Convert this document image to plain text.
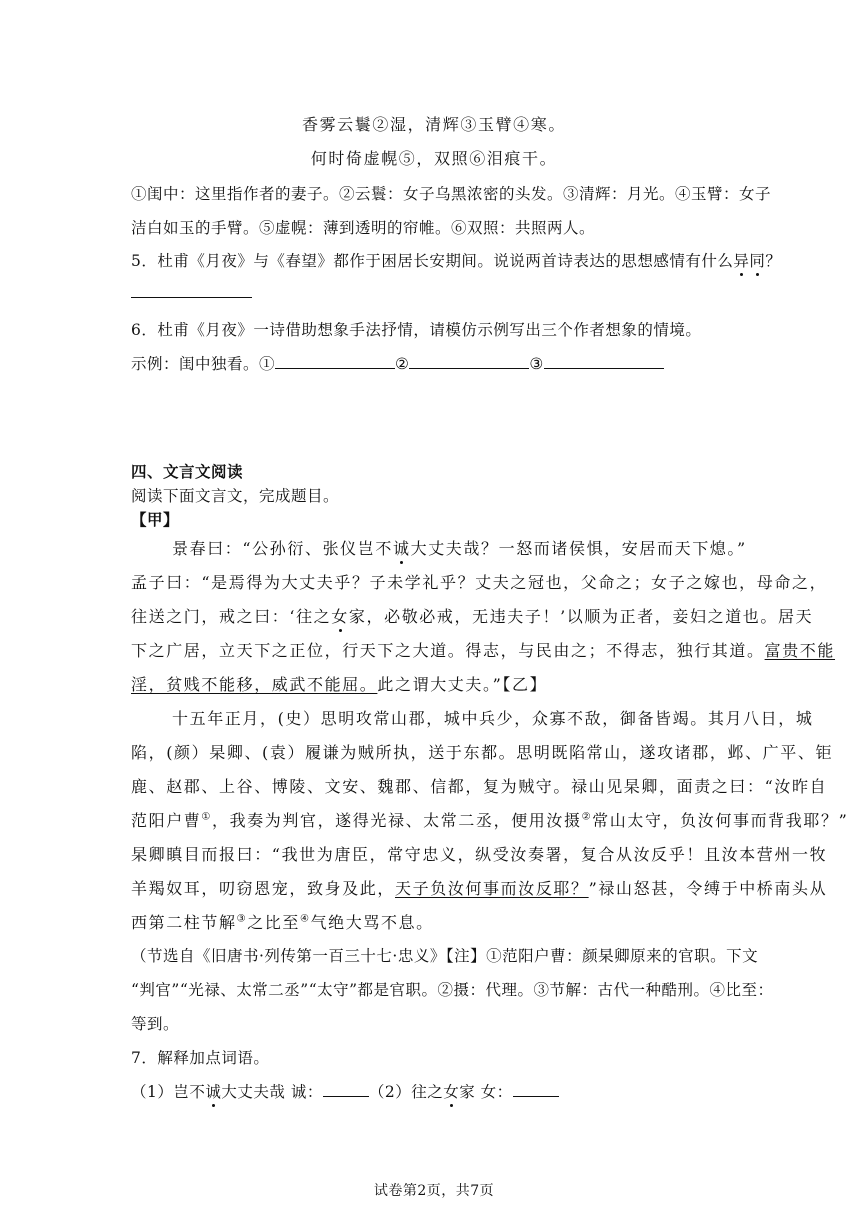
香雾云鬟②湿，清辉③玉臂④寒。
何时倚虚幌⑤，双照⑥泪痕干。
①闺中：这里指作者的妻子。②云鬟：女子乌黑浓密的头发。③清辉：月光。④玉臂：女子
洁白如玉的手臂。⑤虚幌：薄到透明的帘帷。⑥双照：共照两人。
5．杜甫《月夜》与《春望》都作于困居长安期间。说说两首诗表达的思想感情有什么异同？
6．杜甫《月夜》一诗借助想象手法抒情，请模仿示例写出三个作者想象的情境。
示例：闺中独看。①	②	③
四、文言文阅读
阅读下面文言文，完成题目。
【甲】
景春曰：“公孙衍、张仪岂不诚大丈夫哉？一怒而诸侯惧，安居而天下熄。”
孟子曰：“是焉得为大丈夫乎？子未学礼乎？丈夫之冠也，父命之；女子之嫁也，母命之，
往送之门，戒之曰：‘往之女家，必敬必戒，无违夫子！’以顺为正者，妾妇之道也。居天
下之广居，立天下之正位，行天下之大道。得志，与民由之；不得志，独行其道。富贵不能
淫，贫贱不能移，威武不能屈。此之谓大丈夫。”【乙】
十五年正月，(史）思明攻常山郡，城中兵少，众寡不敌，御备皆竭。其月八日，城
陷，(颜）杲卿、(袁）履谦为贼所执，送于东都。思明既陷常山，遂攻诸郡，邺、广平、钜
鹿、赵郡、上谷、博陵、文安、魏郡、信都，复为贼守。禄山见杲卿，面责之曰：“汝昨自
范阳户曹①，我奏为判官，遂得光禄、太常二丞，便用汝摄②常山太守，负汝何事而背我耶？”
杲卿瞋目而报曰：“我世为唐臣，常守忠义，纵受汝奏署，复合从汝反乎！且汝本营州一牧
羊羯奴耳，叨窃恩宠，致身及此，天子负汝何事而汝反耶？”禄山怒甚，令缚于中桥南头从
西第二柱节解③之比至④气绝大骂不息。
（节选自《旧唐书·列传第一百三十七·忠义》【注】①范阳户曹：颜杲卿原来的官职。下文
“判官”“光禄、太常二丞”“太守”都是官职。②摄：代理。③节解：古代一种酷刑。④比至：
等到。
7．解释加点词语。
（1）岂不诚大丈夫哉 诚：	（2）往之女家 女：
试卷第2页，共7页
